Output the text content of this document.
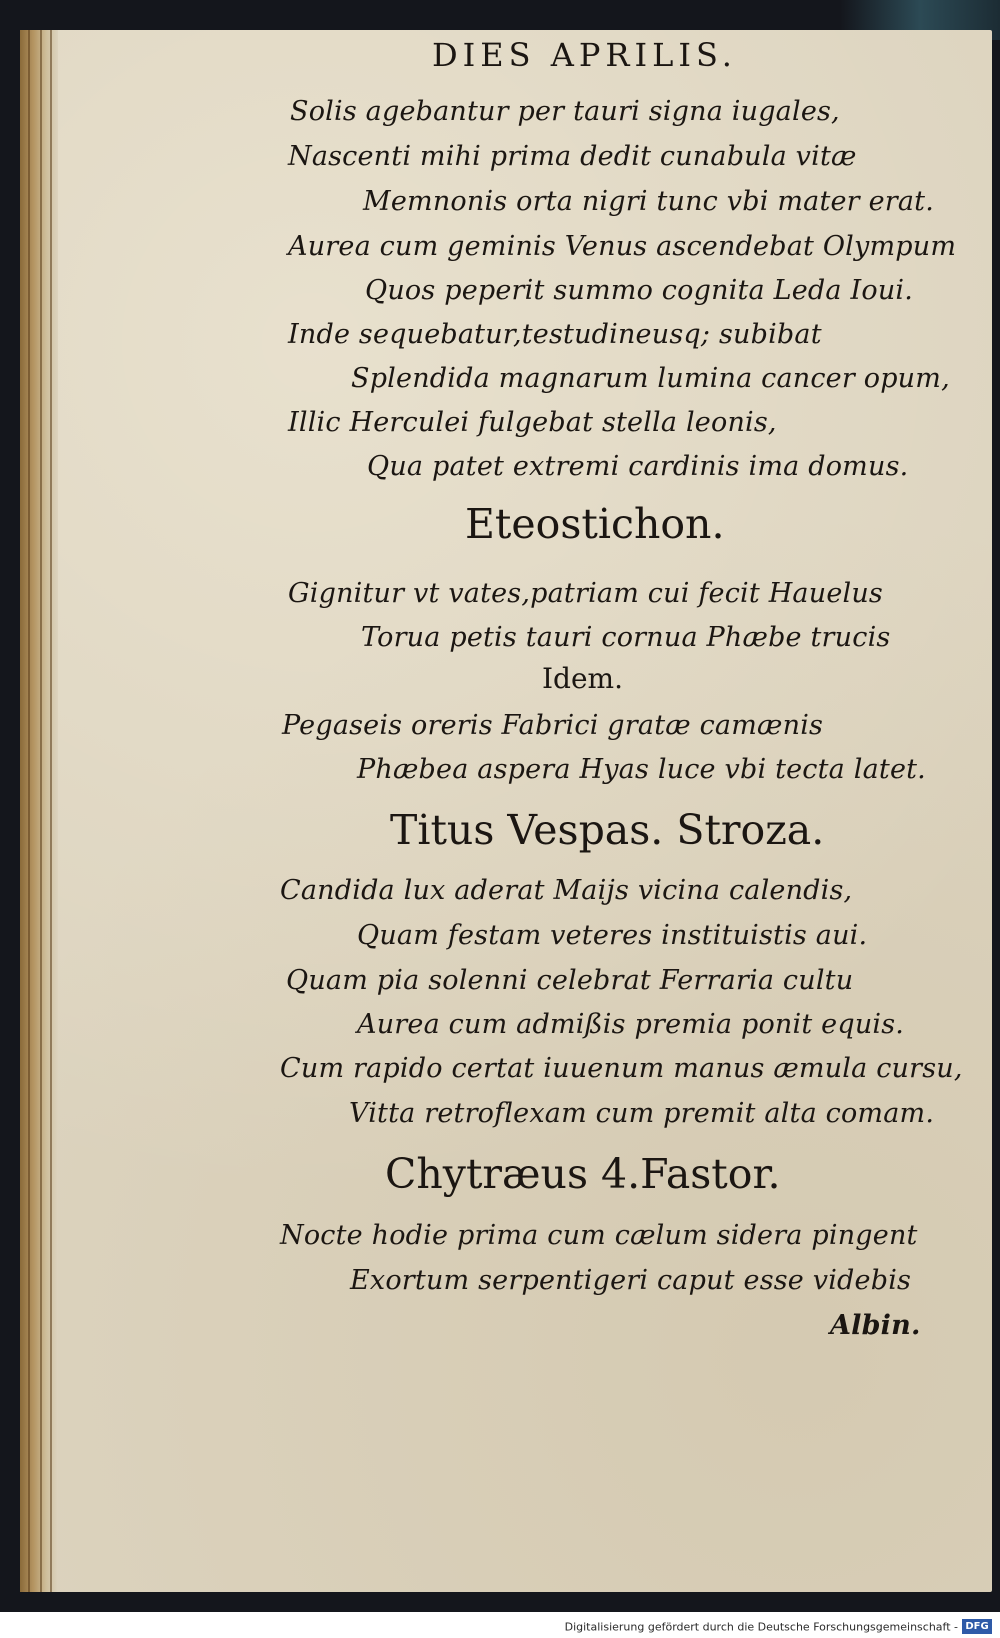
DIES APRILIS.
Solis agebantur per tauri signa iugales,
Nascenti mihi prima dedit cunabula vitæ
Memnonis orta nigri tunc vbi mater erat.
Aurea cum geminis Venus ascendebat Olympum
Quos peperit summo cognita Leda Ioui.
Inde sequebatur,testudineusq; subibat
Splendida magnarum lumina cancer opum,
Illic Herculei fulgebat stella leonis,
Qua patet extremi cardinis ima domus.
Eteostichon.
Gignitur vt vates,patriam cui fecit Hauelus
Torua petis tauri cornua Phæbe trucis
Idem.
Pegaseis oreris Fabrici gratæ camænis
Phæbea aspera Hyas luce vbi tecta latet.
Titus Vespas. Stroza.
Candida lux aderat Maijs vicina calendis,
Quam festam veteres instituistis aui.
Quam pia solenni celebrat Ferraria cultu
Aurea cum admißis premia ponit equis.
Cum rapido certat iuuenum manus æmula cursu,
Vitta retroflexam cum premit alta comam.
Chytræus 4.Fastor.
Nocte hodie prima cum cælum sidera pingent
Exortum serpentigeri caput esse videbis
Albin.
Digitalisierung gefördert durch die Deutsche Forschungsgemeinschaft - DFG
